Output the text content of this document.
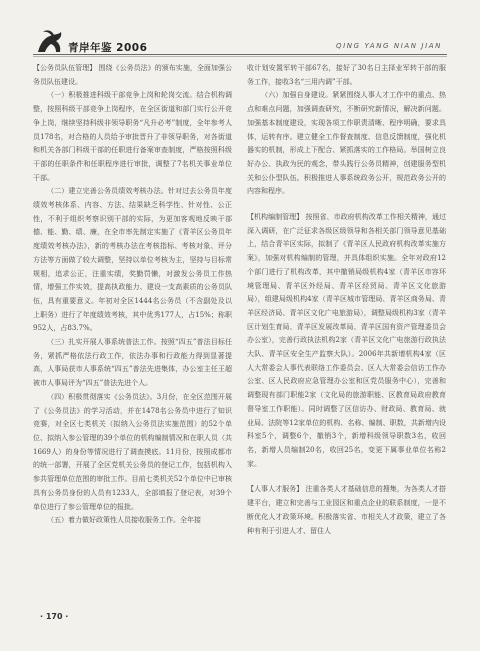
青岸年鉴 2006	QING YANG NIAN JIAN

【公务员队伍管理】 围绕《公务员法》的颁布实施，全面加强公务员队伍建设。

（一）积极推进科级干部竞争上岗和轮岗交流。结合机构调整，按照科级干部竞争上岗程序，在全区街道和部门实行公开竞争上岗，继续坚持科级非领导职务“凡升必考”制度，全年参考人员178名，对合格的人员给予审批晋升了非领导职务，对各街道和机关各部门科级干部的任职进行备案审查制度，严格按照科级干部的任职条件和任职程序进行审批，调整了7名机关事业单位干部。

（二）建立完善公务员绩效考核办法。针对过去公务员年度绩效考核体系、内容、方法、结果缺乏科学性、针对性、公正性，不利于组织考察识别干部的实际，为更加客观地反映干部德、能、勤、绩、廉，在全市率先制定实施了《青羊区公务员年度绩效考核办法》，新的考核办法在考核指标、考核对象、评分方法等方面做了较大调整，坚持以单位考核为主，坚持与目标常规相，追求公正，注重实绩，奖勤罚懒，对激发公务员工作热情，增强工作实效，提高执政能力、建设一支高素质的公务员队伍，具有重要意义。年初对全区1444名公务员（不含副处及以上职务）进行了年度绩效考核，其中优秀177人，占15%；称职952人，占83.7%。

（三）扎实开展人事系统普法工作。按照“四五”普法目标任务，紧抓严格依法行政工作，依法办事和行政能力得到显著提高，人事局获市人事系统“四五”普法先进集体，办公室主任王超被市人事局评为“四五”普法先进个人。

（四）积极贯彻落实《公务员法》。3月份，在全区范围开展了《公务员法》的学习活动，并在1478名公务员中进行了知识竞赛，对全区七类机关（拟纳入公务员法实施范围）的52个单位、拟纳入参公管理的39个单位的机构编制情况和在职人员（共1669人）的身份等情况进行了调查摸底。11月份，按照成都市的统一部署，开展了全区党机关公务员的登记工作，包括机构入参共管理单位范围的审批工作。目前七类机关52个单位中已审核具有公务员身份的人员有1233人，全部填报了登记表，对39个单位进行了参公管理单位的报批。

（五）着力做好政策性人员接收服务工作。全年接

收计划安置军转干部67名，接好了30名日主择业军转干部的服务工作，接收3名“三用内调”干部。

（六）加强自身建设。紧紧围绕人事人才工作中的重点、热点和难点问题，加强调查研究，不断研究新情况，解决新问题。加强基本制度建设，实现各项工作职责清晰、程序明确，要求具体，运转有序。建立健全工作督查制度、信息反馈制度，强化机器实的机制，形成上下配合、紧抓落实的工作格局。举国树立良好办公、执政为民的观念，带头践行公务员精神，创建服务型机关和公仆型队伍。积极推进人事系统政务公开，规范政务公开的内容和程序。

【机构编制管理】 按照省、市政府机构改革工作相关精神，通过深入调研，在广泛征求各级区级领导和各相关部门领导意见基础上，结合青羊区实际，拟制了《青羊区人民政府机构改革实施方案》，加强对机构编制的管理，并具体组织实施。全年对政府12个部门进行了机构改革，其中撤销局级机构4家（青羊区市容环境管理局、青羊区外经局、青羊区经贸局、青羊区文化旅游局），组建局级机构4家（青羊区城市管理局、青羊区商务局、青羊区经济局、青羊区文化广电旅游局），调整局级机构3家（青羊区计划生育局、青羊区发展改革局、青羊区国有资产管理委员会办公室），完善行政执法机构2家（青羊区文化广电旅游行政执法大队、青羊区安全生产监察大队）。2006年共新增机构4家（区人大常委会人事代表联络工作委员会、区人大常委会信访工作办公室、区人民政府应急管理办公室和区党员服务中心），完善和调整现有部门职能2家（文化局的旅游职能、区教育局政府教育督导室工作职能）。同时调整了区信访办、财政局、教育局、就业局、法院等12家单位的机构、名称、编制、职数，共新增内设科室5个，调整6个，撤销3个，新增科级领导职数3名，收回名，新增人员编制20名，收回25名，变更下属事业单位名称2家。

【人事人才服务】 注重各类人才基础信息的搜集，为各类人才搭建平台，建立和完善与工业园区和重点企业的联系制度，一是不断优化人才政策环境。积极落实省、市相关人才政策，建立了各种有利于引进人才、留住人

· 170 ·
